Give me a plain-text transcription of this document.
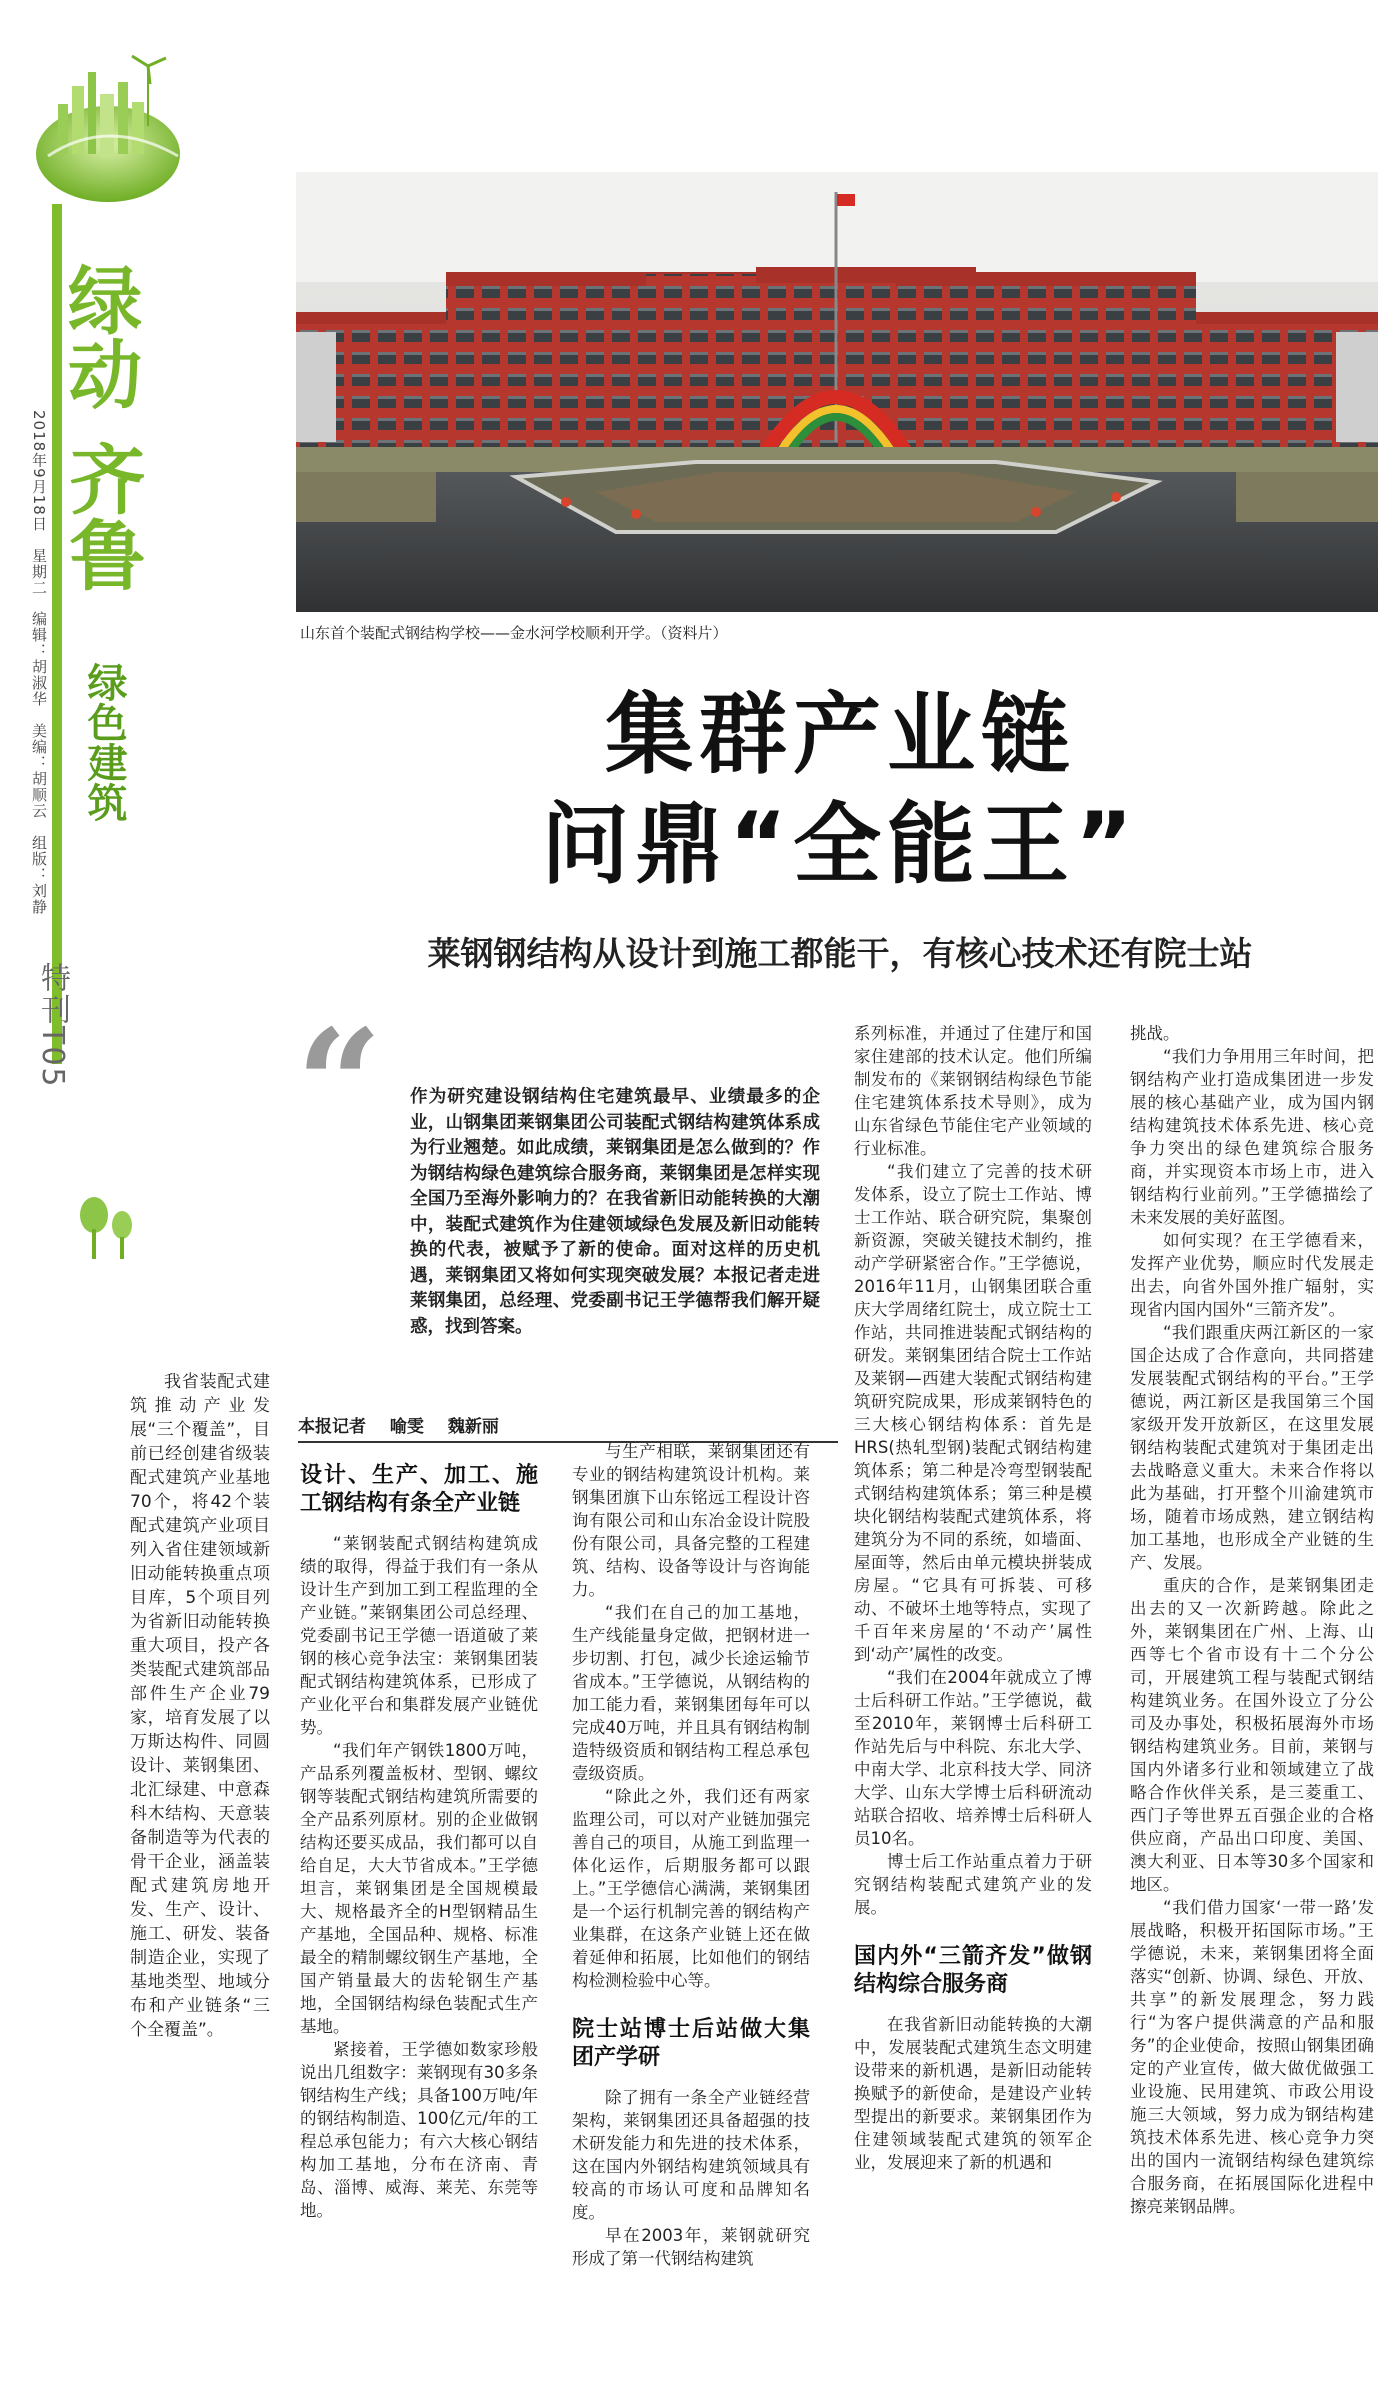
绿动
齐鲁
绿色建筑
2018年9月18日 星期二 编辑：胡淑华 美编：胡顺云 组版：刘静
特刊T05
山东首个装配式钢结构学校——金水河学校顺利开学。（资料片）
集群产业链
问鼎“全能王”
莱钢钢结构从设计到施工都能干，有核心技术还有院士站
“ 作为研究建设钢结构住宅建筑最早、业绩最多的企业，山钢集团莱钢集团公司装配式钢结构建筑体系成为行业翘楚。如此成绩，莱钢集团是怎么做到的？作为钢结构绿色建筑综合服务商，莱钢集团是怎样实现全国乃至海外影响力的？在我省新旧动能转换的大潮中，装配式建筑作为住建领域绿色发展及新旧动能转换的代表，被赋予了新的使命。面对这样的历史机遇，莱钢集团又将如何实现突破发展？本报记者走进莱钢集团，总经理、党委副书记王学德帮我们解开疑惑，找到答案。
本报记者 喻雯 魏新丽

我省装配式建筑推动产业发展“三个覆盖”，目前已经创建省级装配式建筑产业基地70个，将42个装配式建筑产业项目列入省住建领域新旧动能转换重点项目库，5个项目列为省新旧动能转换重大项目，投产各类装配式建筑部品部件生产企业79家，培育发展了以万斯达构件、同圆设计、莱钢集团、北汇绿建、中意森科木结构、天意装备制造等为代表的骨干企业，涵盖装配式建筑房地开发、生产、设计、施工、研发、装备制造企业，实现了基地类型、地域分布和产业链条“三个全覆盖”。

设计、生产、加工、施工钢结构有条全产业链

“莱钢装配式钢结构建筑成绩的取得，得益于我们有一条从设计生产到加工到工程监理的全产业链。”莱钢集团公司总经理、党委副书记王学德一语道破了莱钢的核心竞争法宝：莱钢集团装配式钢结构建筑体系，已形成了产业化平台和集群发展产业链优势。

“我们年产钢铁1800万吨，产品系列覆盖板材、型钢、螺纹钢等装配式钢结构建筑所需要的全产品系列原材。别的企业做钢结构还要买成品，我们都可以自给自足，大大节省成本。”王学德坦言，莱钢集团是全国规模最大、规格最齐全的H型钢精品生产基地，全国品种、规格、标准最全的精制螺纹钢生产基地，全国产销量最大的齿轮钢生产基地，全国钢结构绿色装配式生产基地。

紧接着，王学德如数家珍般说出几组数字：莱钢现有30多条钢结构生产线；具备100万吨/年的钢结构制造、100亿元/年的工程总承包能力；有六大核心钢结构加工基地，分布在济南、青岛、淄博、威海、莱芜、东莞等地。

与生产相联，莱钢集团还有专业的钢结构建筑设计机构。莱钢集团旗下山东铭远工程设计咨询有限公司和山东冶金设计院股份有限公司，具备完整的工程建筑、结构、设备等设计与咨询能力。

“我们在自己的加工基地，生产线能量身定做，把钢材进一步切割、打包，减少长途运输节省成本。”王学德说，从钢结构的加工能力看，莱钢集团每年可以完成40万吨，并且具有钢结构制造特级资质和钢结构工程总承包壹级资质。

“除此之外，我们还有两家监理公司，可以对产业链加强完善自己的项目，从施工到监理一体化运作，后期服务都可以跟上。”王学德信心满满，莱钢集团是一个运行机制完善的钢结构产业集群，在这条产业链上还在做着延伸和拓展，比如他们的钢结构检测检验中心等。

院士站博士后站做大集团产学研

除了拥有一条全产业链经营架构，莱钢集团还具备超强的技术研发能力和先进的技术体系，这在国内外钢结构建筑领域具有较高的市场认可度和品牌知名度。

早在2003年，莱钢就研究形成了第一代钢结构建筑

系列标准，并通过了住建厅和国家住建部的技术认定。他们所编制发布的《莱钢钢结构绿色节能住宅建筑体系技术导则》，成为山东省绿色节能住宅产业领域的行业标准。

“我们建立了完善的技术研发体系，设立了院士工作站、博士工作站、联合研究院，集聚创新资源，突破关键技术制约，推动产学研紧密合作。”王学德说，2016年11月，山钢集团联合重庆大学周绪红院士，成立院士工作站，共同推进装配式钢结构的研发。莱钢集团结合院士工作站及莱钢—西建大装配式钢结构建筑研究院成果，形成莱钢特色的三大核心钢结构体系：首先是HRS(热轧型钢)装配式钢结构建筑体系；第二种是冷弯型钢装配式钢结构建筑体系；第三种是模块化钢结构装配式建筑体系，将建筑分为不同的系统，如墙面、屋面等，然后由单元模块拼装成房屋。“它具有可拆装、可移动、不破坏土地等特点，实现了千百年来房屋的‘不动产’属性到‘动产’属性的改变。

“我们在2004年就成立了博士后科研工作站。”王学德说，截至2010年，莱钢博士后科研工作站先后与中科院、东北大学、中南大学、北京科技大学、同济大学、山东大学博士后科研流动站联合招收、培养博士后科研人员10名。

博士后工作站重点着力于研究钢结构装配式建筑产业的发展。

国内外“三箭齐发”做钢结构综合服务商

在我省新旧动能转换的大潮中，发展装配式建筑生态文明建设带来的新机遇，是新旧动能转换赋予的新使命，是建设产业转型提出的新要求。莱钢集团作为住建领域装配式建筑的领军企业，发展迎来了新的机遇和

挑战。

“我们力争用用三年时间，把钢结构产业打造成集团进一步发展的核心基础产业，成为国内钢结构建筑技术体系先进、核心竞争力突出的绿色建筑综合服务商，并实现资本市场上市，进入钢结构行业前列。”王学德描绘了未来发展的美好蓝图。

如何实现？在王学德看来，发挥产业优势，顺应时代发展走出去，向省外国外推广辐射，实现省内国内国外“三箭齐发”。

“我们跟重庆两江新区的一家国企达成了合作意向，共同搭建发展装配式钢结构的平台。”王学德说，两江新区是我国第三个国家级开发开放新区，在这里发展钢结构装配式建筑对于集团走出去战略意义重大。未来合作将以此为基础，打开整个川渝建筑市场，随着市场成熟，建立钢结构加工基地，也形成全产业链的生产、发展。

重庆的合作，是莱钢集团走出去的又一次新跨越。除此之外，莱钢集团在广州、上海、山西等七个省市设有十二个分公司，开展建筑工程与装配式钢结构建筑业务。在国外设立了分公司及办事处，积极拓展海外市场钢结构建筑业务。目前，莱钢与国内外诸多行业和领域建立了战略合作伙伴关系，是三菱重工、西门子等世界五百强企业的合格供应商，产品出口印度、美国、澳大利亚、日本等30多个国家和地区。

“我们借力国家‘一带一路’发展战略，积极开拓国际市场。”王学德说，未来，莱钢集团将全面落实“创新、协调、绿色、开放、共享”的新发展理念，努力践行“为客户提供满意的产品和服务”的企业使命，按照山钢集团确定的产业宣传，做大做优做强工业设施、民用建筑、市政公用设施三大领域，努力成为钢结构建筑技术体系先进、核心竞争力突出的国内一流钢结构绿色建筑综合服务商，在拓展国际化进程中擦亮莱钢品牌。
